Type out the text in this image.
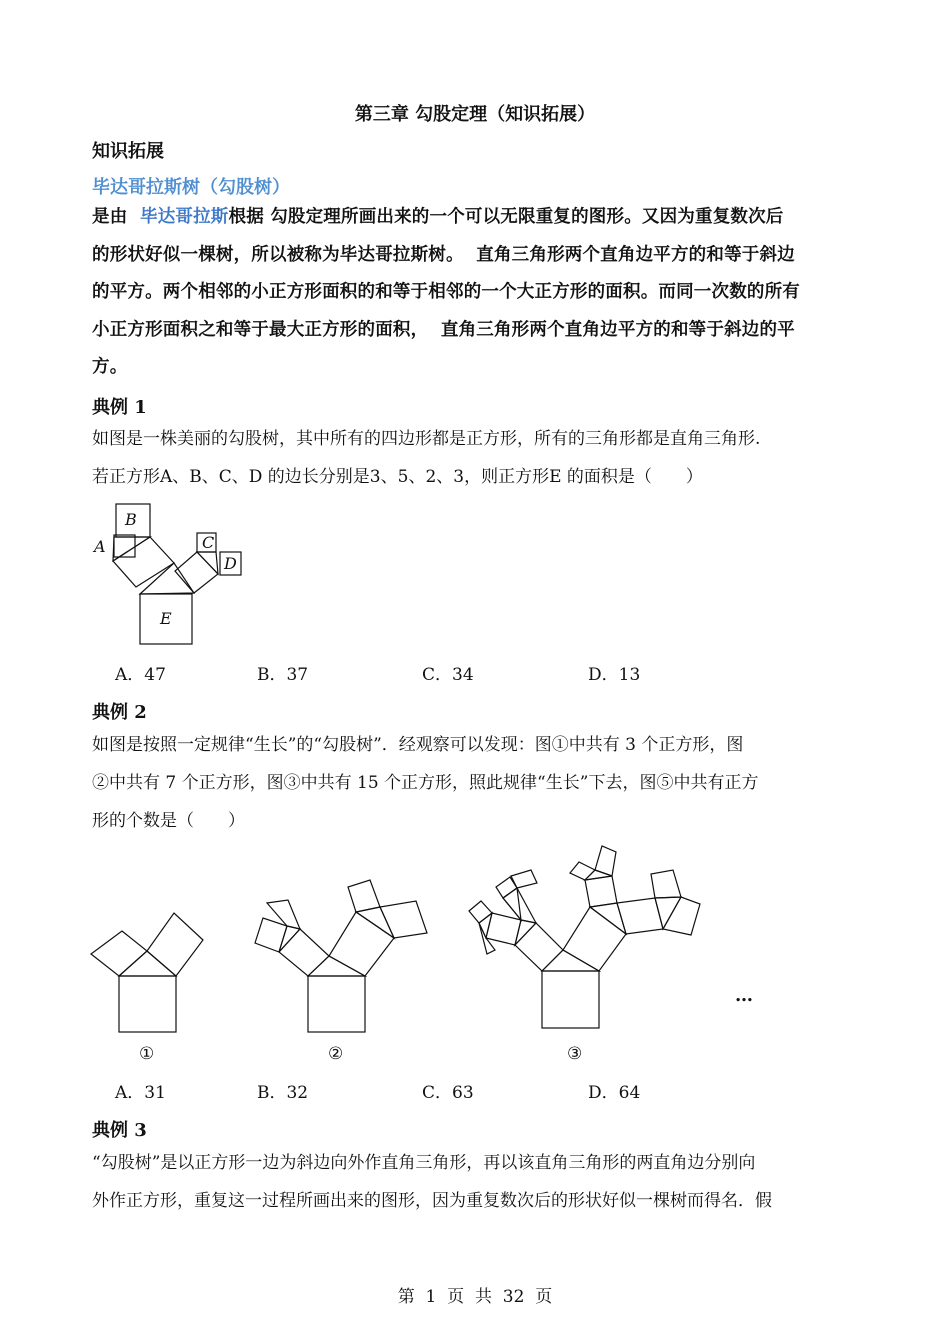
第三章 勾股定理（知识拓展）
知识拓展
毕达哥拉斯树（勾股树）
是由  毕达哥拉斯根据 勾股定理所画出来的一个可以无限重复的图形。又因为重复数次后
的形状好似一棵树，所以被称为毕达哥拉斯树。  直角三角形两个直角边平方的和等于斜边
的平方。两个相邻的小正方形面积的和等于相邻的一个大正方形的面积。而同一次数的所有
小正方形面积之和等于最大正方形的面积，  直角三角形两个直角边平方的和等于斜边的平
方。
典例 1
如图是一株美丽的勾股树，其中所有的四边形都是正方形，所有的三角形都是直角三角形.
若正方形A、B、C、D 的边长分别是3、5、2、3，则正方形E 的面积是（　　）
A
B
C
D
E
A．47	B．37	C．34	D．13
典例 2
如图是按照一定规律“生长”的“勾股树”．经观察可以发现：图①中共有 3 个正方形，图
②中共有 7 个正方形，图③中共有 15 个正方形，照此规律“生长”下去，图⑤中共有正方
形的个数是（　　）
…
①	②	③
A．31	B．32	C．63	D．64
典例 3
“勾股树”是以正方形一边为斜边向外作直角三角形，再以该直角三角形的两直角边分别向
外作正方形，重复这一过程所画出来的图形，因为重复数次后的形状好似一棵树而得名．假
第  1  页  共  32  页
